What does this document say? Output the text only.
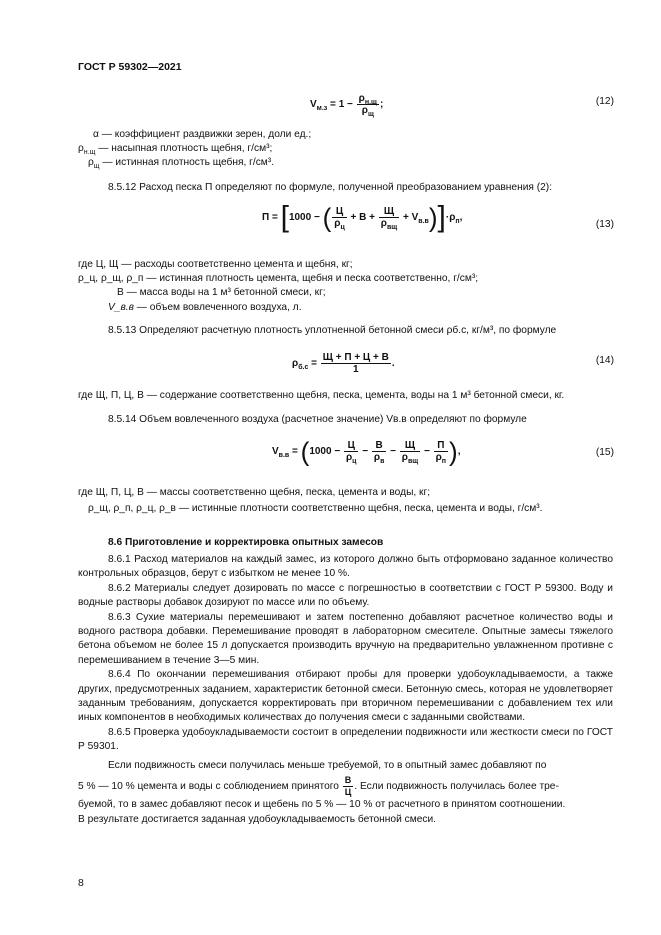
ГОСТ Р 59302—2021
$V_{м.з} = 1 - \frac{\rho_{н.щ}}{\rho_щ}$ ;	(12)
α — коэффициент раздвижки зерен, доли ед.;
$\rho_{н.щ}$ — насыпная плотность щебня, г/см³;
$\rho_щ$ — истинная плотность щебня, г/см³.
8.5.12 Расход песка П определяют по формуле, полученной преобразованием уравнения (2):
П = [1000 − ( $\frac{Ц}{\rho_ц} + В + \frac{Щ}{\rho_{вщ}} + V_{в.в})]\cdot\rho_п$,
(13)
где Ц, Щ — расходы соответственно цемента и щебня, кг;
ρ_ц, ρ_щ, ρ_п — истинная плотность цемента, щебня и песка соответственно, г/см³;
В — масса воды на 1 м³ бетонной смеси, кг;
V_в.в — объем вовлеченного воздуха, л.
8.5.13 Определяют расчетную плотность уплотненной бетонной смеси ρб.с, кг/м³, по формуле
$\rho_{б.с} = \frac{Щ + П + Ц + В}{1}$ .	(14)
где Щ, П, Ц, В — содержание соответственно щебня, песка, цемента, воды на 1 м³ бетонной смеси, кг.
8.5.14 Объем вовлеченного воздуха (расчетное значение) Vв.в определяют по формуле
$V_{в.в} = (1000 - \frac{Ц}{\rho_ц} - \frac{В}{\rho_в} - \frac{Щ}{\rho_{вщ}} - \frac{П}{\rho_п}$ ),	(15)
где Щ, П, Ц, В — массы соответственно щебня, песка, цемента и воды, кг;
ρ_щ, ρ_п, ρ_ц, ρ_в — истинные плотности соответственно щебня, песка, цемента и воды, г/см³.
8.6 Приготовление и корректировка опытных замесов

8.6.1 Расход материалов на каждый замес, из которого должно быть отформовано заданное количество контрольных образцов, берут с избытком не менее 10 %.

8.6.2 Материалы следует дозировать по массе с погрешностью в соответствии с ГОСТ Р 59300. Воду и водные растворы добавок дозируют по массе или по объему.

8.6.3 Сухие материалы перемешивают и затем постепенно добавляют расчетное количество воды и водного раствора добавки. Перемешивание проводят в лабораторном смесителе. Опытные замесы тяжелого бетона объемом не более 15 л допускается производить вручную на предварительно увлажненном противне с перемешиванием в течение 3—5 мин.

8.6.4 По окончании перемешивания отбирают пробы для проверки удобоукладываемости, а также других, предусмотренных заданием, характеристик бетонной смеси. Бетонную смесь, которая не удовлетворяет заданным требованиям, допускается корректировать при вторичном перемешивании с добавлением тех или иных компонентов в необходимых количествах до получения смеси с заданными свойствами.

8.6.5 Проверка удобоукладываемости состоит в определении подвижности или жесткости смеси по ГОСТ Р 59301.

Если подвижность смеси получилась меньше требуемой, то в опытный замес добавляют по

5 % — 10 % цемента и воды с соблюдением принятого $\frac{В}{Ц}$ . Если подвижность получилась более тре-

буемой, то в замес добавляют песок и щебень по 5 % — 10 % от расчетного в принятом соотношении.

В результате достигается заданная удобоукладываемость бетонной смеси.

8
